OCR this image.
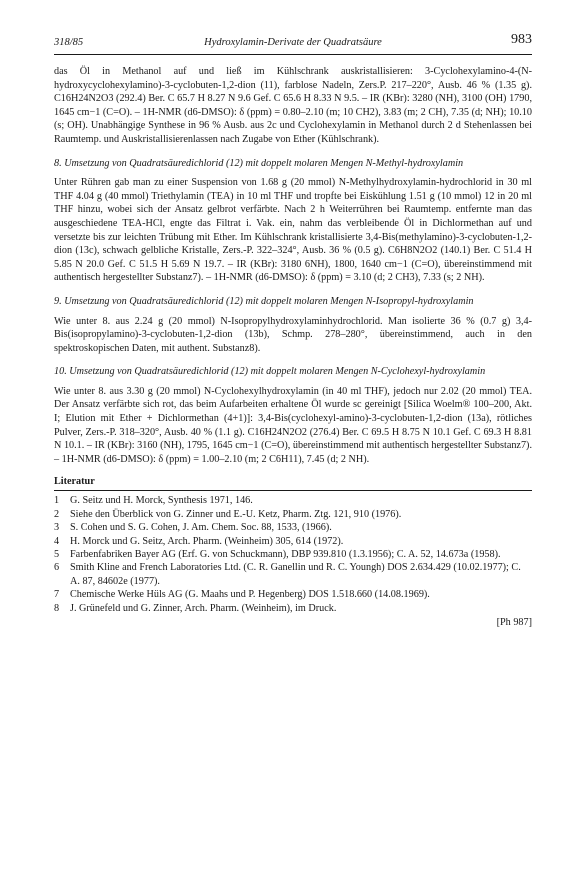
318/85	Hydroxylamin-Derivate der Quadratsäure	983

das Öl in Methanol auf und ließ im Kühlschrank auskristallisieren: 3-Cyclohexylamino-4-(N-hydroxycyclohexylamino)-3-cyclobuten-1,2-dion (11), farblose Nadeln, Zers.P. 217–220°, Ausb. 46 % (1.35 g). C16H24N2O3 (292.4) Ber. C 65.7 H 8.27 N 9.6 Gef. C 65.6 H 8.33 N 9.5. – IR (KBr): 3280 (NH), 3100 (OH) 1790, 1645 cm−1 (C=O). – 1H-NMR (d6-DMSO): δ (ppm) = 0.80–2.10 (m; 10 CH2), 3.83 (m; 2 CH), 7.35 (d; NH); 10.10 (s; OH). Unabhängige Synthese in 96 % Ausb. aus 2c und Cyclohexylamin in Methanol durch 2 d Stehenlassen bei Raumtemp. und Auskristallisierenlassen nach Zugabe von Ether (Kühlschrank).

8. Umsetzung von Quadratsäuredichlorid (12) mit doppelt molaren Mengen N-Methyl-hydroxylamin

Unter Rühren gab man zu einer Suspension von 1.68 g (20 mmol) N-Methylhydroxylamin-hydrochlorid in 30 ml THF 4.04 g (40 mmol) Triethylamin (TEA) in 10 ml THF und tropfte bei Eiskühlung 1.51 g (10 mmol) 12 in 20 ml THF hinzu, wobei sich der Ansatz gelbrot verfärbte. Nach 2 h Weiterrühren bei Raumtemp. entfernte man das ausgeschiedene TEA-HCl, engte das Filtrat i. Vak. ein, nahm das verbleibende Öl in Dichlormethan auf und versetzte bis zur leichten Trübung mit Ether. Im Kühlschrank kristallisierte 3,4-Bis(methylamino)-3-cyclobuten-1,2-dion (13c), schwach gelbliche Kristalle, Zers.-P. 322–324°, Ausb. 36 % (0.5 g). C6H8N2O2 (140.1) Ber. C 51.4 H 5.85 N 20.0 Gef. C 51.5 H 5.69 N 19.7. – IR (KBr): 3180 6NH), 1800, 1640 cm−1 (C=O), übereinstimmend mit authentisch hergestellter Substanz7). – 1H-NMR (d6-DMSO): δ (ppm) = 3.10 (d; 2 CH3), 7.33 (s; 2 NH).

9. Umsetzung von Quadratsäuredichlorid (12) mit doppelt molaren Mengen N-Isopropyl-hydroxylamin

Wie unter 8. aus 2.24 g (20 mmol) N-Isopropylhydroxylaminhydrochlorid. Man isolierte 36 % (0.7 g) 3,4-Bis(isopropylamino)-3-cyclobuten-1,2-dion (13b), Schmp. 278–280°, übereinstimmend, auch in den spektroskopischen Daten, mit authent. Substanz8).

10. Umsetzung von Quadratsäuredichlorid (12) mit doppelt molaren Mengen N-Cyclohexyl-hydroxylamin

Wie unter 8. aus 3.30 g (20 mmol) N-Cyclohexylhydroxylamin (in 40 ml THF), jedoch nur 2.02 (20 mmol) TEA. Der Ansatz verfärbte sich rot, das beim Aufarbeiten erhaltene Öl wurde sc gereinigt [Silica Woelm® 100–200, Akt. I; Elution mit Ether + Dichlormethan (4+1)]: 3,4-Bis(cyclohexyl-amino)-3-cyclobuten-1,2-dion (13a), rötliches Pulver, Zers.-P. 318–320°, Ausb. 40 % (1.1 g). C16H24N2O2 (276.4) Ber. C 69.5 H 8.75 N 10.1 Gef. C 69.3 H 8.81 N 10.1. – IR (KBr): 3160 (NH), 1795, 1645 cm−1 (C=O), übereinstimmend mit authentisch hergestellter Substanz7). – 1H-NMR (d6-DMSO): δ (ppm) = 1.00–2.10 (m; 2 C6H11), 7.45 (d; 2 NH).

Literatur
1 G. Seitz und H. Morck, Synthesis 1971, 146.
2 Siehe den Überblick von G. Zinner und E.-U. Ketz, Pharm. Ztg. 121, 910 (1976).
3 S. Cohen und S. G. Cohen, J. Am. Chem. Soc. 88, 1533, (1966).
4 H. Morck und G. Seitz, Arch. Pharm. (Weinheim) 305, 614 (1972).
5 Farbenfabriken Bayer AG (Erf. G. von Schuckmann), DBP 939.810 (1.3.1956); C. A. 52, 14.673a (1958).
6 Smith Kline and French Laboratories Ltd. (C. R. Ganellin und R. C. Youngh) DOS 2.634.429 (10.02.1977); C. A. 87, 84602e (1977).
7 Chemische Werke Hüls AG (G. Maahs und P. Hegenberg) DOS 1.518.660 (14.08.1969).
8 J. Grünefeld und G. Zinner, Arch. Pharm. (Weinheim), im Druck.
[Ph 987]
